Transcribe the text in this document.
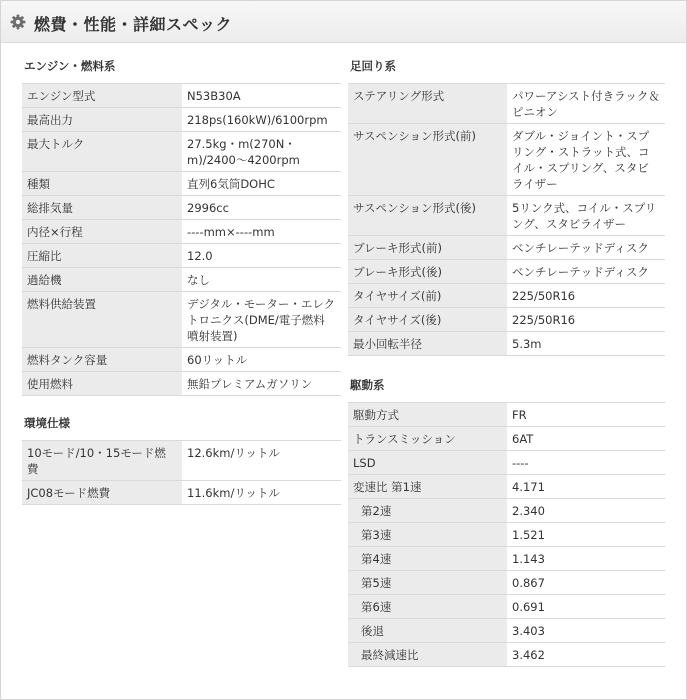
燃費・性能・詳細スペック
エンジン・燃料系
エンジン型式	N53B30A
最高出力	218ps(160kW)/6100rpm
最大トルク	27.5kg・m(270N・m)/2400〜4200rpm
種類	直列6気筒DOHC
総排気量	2996cc
内径×行程	----mm×----mm
圧縮比	12.0
過給機	なし
燃料供給装置	デジタル・モーター・エレクトロニクス(DME/電子燃料噴射装置)
燃料タンク容量	60リットル
使用燃料	無鉛プレミアムガソリン
環境仕様
10モード/10・15モード燃費	12.6km/リットル
JC08モード燃費	11.6km/リットル
足回り系
ステアリング形式	パワーアシスト付きラック＆ピニオン
サスペンション形式(前)	ダブル・ジョイント・スプリング・ストラット式、コイル・スプリング、スタビライザー
サスペンション形式(後)	5リンク式、コイル・スプリング、スタビライザー
ブレーキ形式(前)	ベンチレーテッドディスク
ブレーキ形式(後)	ベンチレーテッドディスク
タイヤサイズ(前)	225/50R16
タイヤサイズ(後)	225/50R16
最小回転半径	5.3m
駆動系
駆動方式	FR
トランスミッション	6AT
LSD	----
変速比 第1速	4.171
第2速	2.340
第3速	1.521
第4速	1.143
第5速	0.867
第6速	0.691
後退	3.403
最終減速比	3.462
